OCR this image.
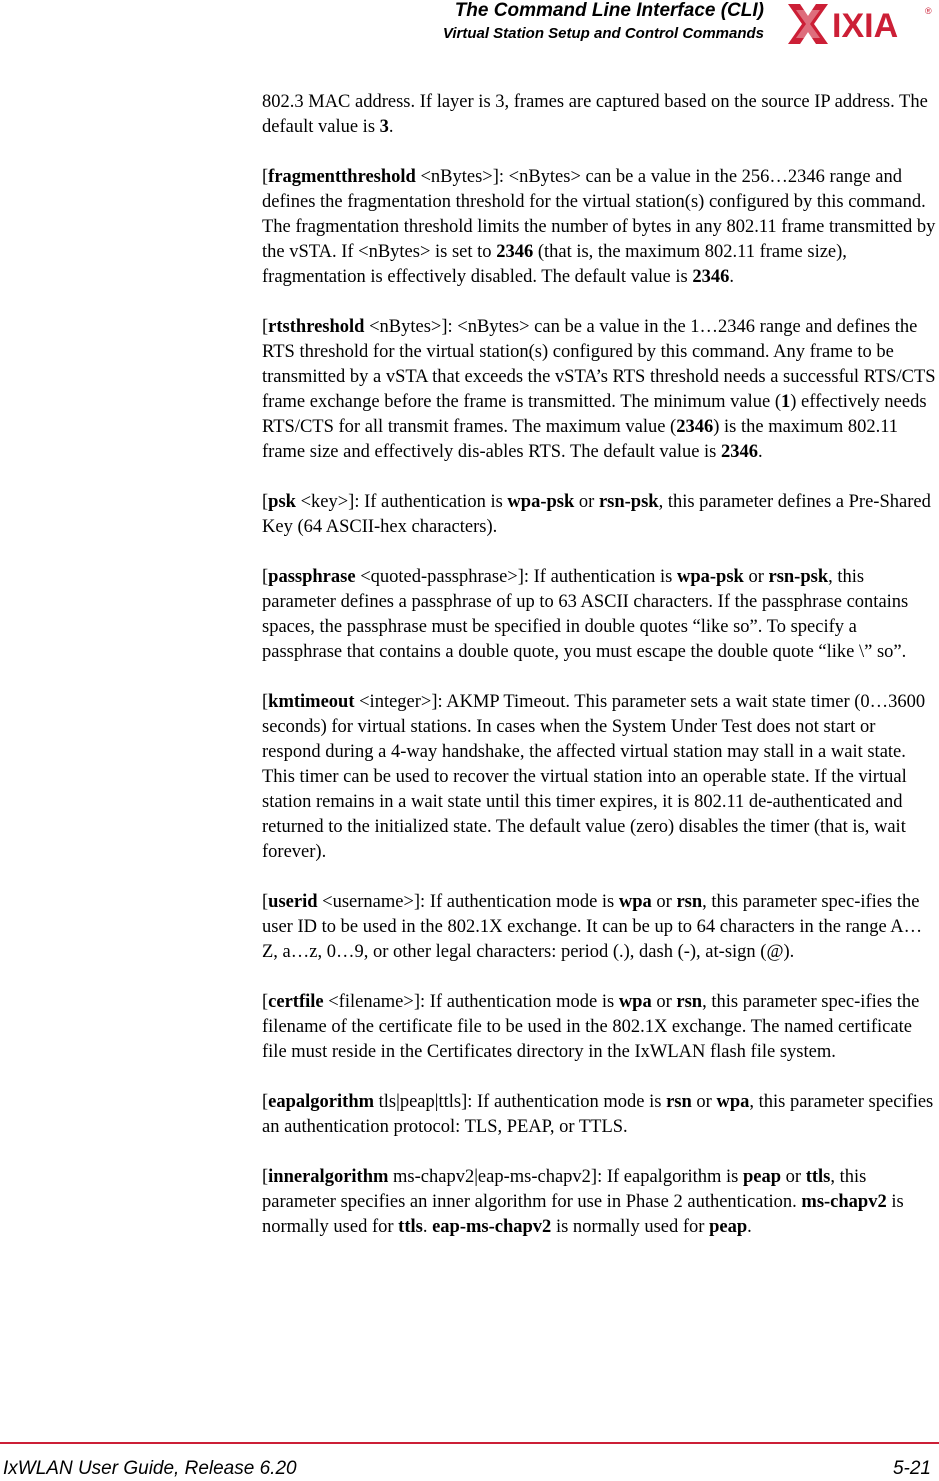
The Command Line Interface (CLI)
Virtual Station Setup and Control Commands IXIA	®

802.3 MAC address. If layer is 3, frames are captured based on the source IP address. The default value is 3.

[fragmentthreshold <nBytes>]: <nBytes> can be a value in the 256…2346 range and defines the fragmentation threshold for the virtual station(s) configured by this command. The fragmentation threshold limits the number of bytes in any 802.11 frame transmitted by the vSTA. If <nBytes> is set to 2346 (that is, the maximum 802.11 frame size), fragmentation is effectively disabled. The default value is 2346.

[rtsthreshold <nBytes>]: <nBytes> can be a value in the 1…2346 range and defines the RTS threshold for the virtual station(s) configured by this command. Any frame to be transmitted by a vSTA that exceeds the vSTA’s RTS threshold needs a successful RTS/CTS frame exchange before the frame is transmitted. The minimum value (1) effectively needs RTS/CTS for all transmit frames. The maximum value (2346) is the maximum 802.11 frame size and effectively dis-ables RTS. The default value is 2346.

[psk <key>]: If authentication is wpa-psk or rsn-psk, this parameter defines a Pre-Shared Key (64 ASCII-hex characters).

[passphrase <quoted-passphrase>]: If authentication is wpa-psk or rsn-psk, this parameter defines a passphrase of up to 63 ASCII characters. If the passphrase contains spaces, the passphrase must be specified in double quotes “like so”. To specify a passphrase that contains a double quote, you must escape the double quote “like \” so”.

[kmtimeout <integer>]: AKMP Timeout. This parameter sets a wait state timer (0…3600 seconds) for virtual stations. In cases when the System Under Test does not start or respond during a 4-way handshake, the affected virtual station may stall in a wait state. This timer can be used to recover the virtual station into an operable state. If the virtual station remains in a wait state until this timer expires, it is 802.11 de-authenticated and returned to the initialized state. The default value (zero) disables the timer (that is, wait forever).

[userid <username>]: If authentication mode is wpa or rsn, this parameter spec-ifies the user ID to be used in the 802.1X exchange. It can be up to 64 characters in the range A…Z, a…z, 0…9, or other legal characters: period (.), dash (-), at-sign (@).

[certfile <filename>]: If authentication mode is wpa or rsn, this parameter spec-ifies the filename of the certificate file to be used in the 802.1X exchange. The named certificate file must reside in the Certificates directory in the IxWLAN flash file system.

[eapalgorithm tls|peap|ttls]: If authentication mode is rsn or wpa, this parameter specifies an authentication protocol: TLS, PEAP, or TTLS.

[inneralgorithm ms-chapv2|eap-ms-chapv2]: If eapalgorithm is peap or ttls, this parameter specifies an inner algorithm for use in Phase 2 authentication. ms-chapv2 is normally used for ttls. eap-ms-chapv2 is normally used for peap.

IxWLAN User Guide, Release 6.20	5-21
